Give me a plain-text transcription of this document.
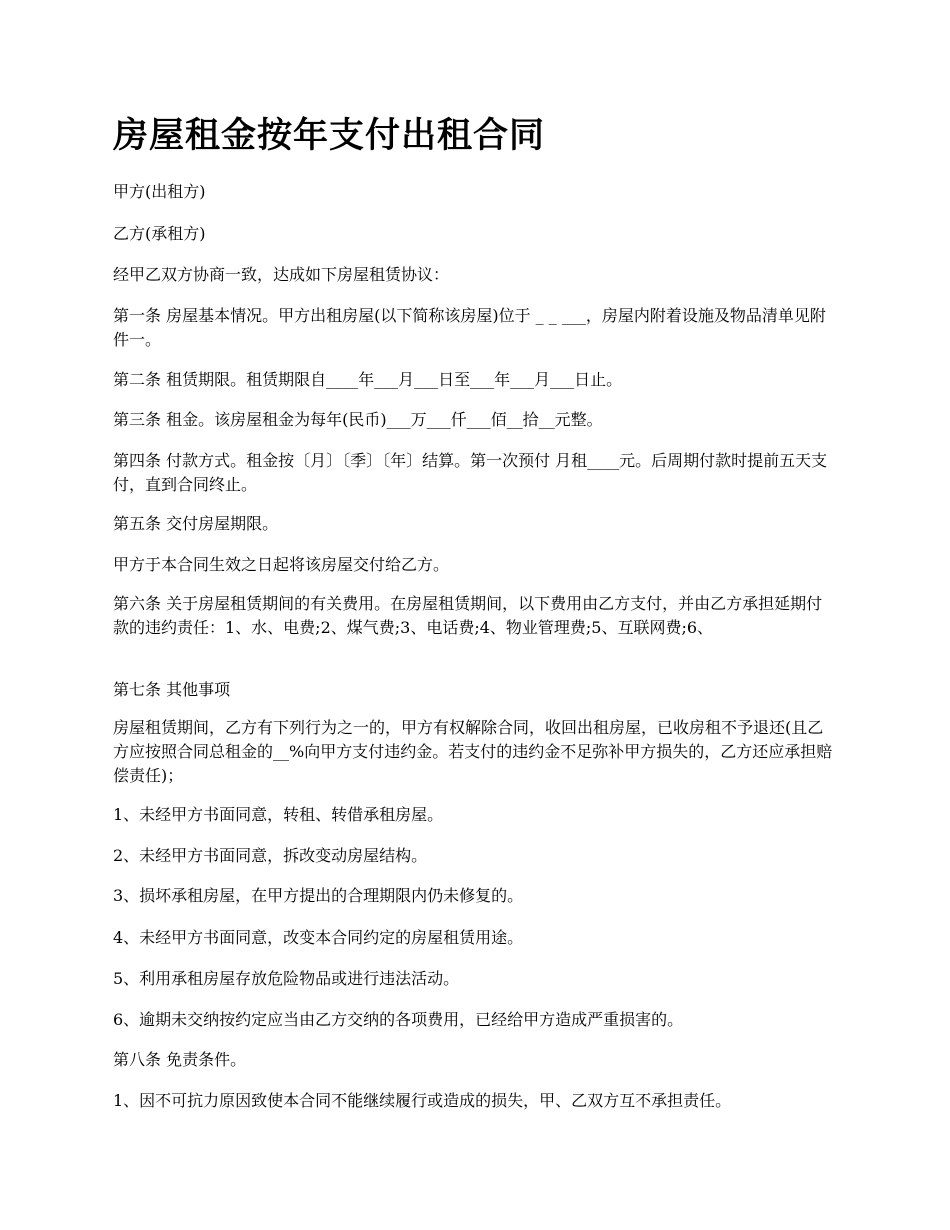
房屋租金按年支付出租合同

甲方(出租方)

乙方(承租方)

经甲乙双方协商一致，达成如下房屋租赁协议：

第一条 房屋基本情况。甲方出租房屋(以下简称该房屋)位于 _ _ ___，房屋内附着设施及物品清单见附件一。

第二条 租赁期限。租赁期限自____年___月___日至___年___月___日止。

第三条 租金。该房屋租金为每年(民币)___万___仟___佰__拾__元整。

第四条 付款方式。租金按〔月〕〔季〕〔年〕结算。第一次预付 月租____元。后周期付款时提前五天支付，直到合同终止。

第五条 交付房屋期限。

甲方于本合同生效之日起将该房屋交付给乙方。

第六条 关于房屋租赁期间的有关费用。在房屋租赁期间，以下费用由乙方支付，并由乙方承担延期付款的违约责任：1、水、电费;2、煤气费;3、电话费;4、物业管理费;5、互联网费;6、

第七条 其他事项

房屋租赁期间，乙方有下列行为之一的，甲方有权解除合同，收回出租房屋，已收房租不予退还(且乙方应按照合同总租金的__%向甲方支付违约金。若支付的违约金不足弥补甲方损失的，乙方还应承担赔偿责任)；

1、未经甲方书面同意，转租、转借承租房屋。

2、未经甲方书面同意，拆改变动房屋结构。

3、损坏承租房屋，在甲方提出的合理期限内仍未修复的。

4、未经甲方书面同意，改变本合同约定的房屋租赁用途。

5、利用承租房屋存放危险物品或进行违法活动。

6、逾期未交纳按约定应当由乙方交纳的各项费用，已经给甲方造成严重损害的。

第八条 免责条件。

1、因不可抗力原因致使本合同不能继续履行或造成的损失，甲、乙双方互不承担责任。
